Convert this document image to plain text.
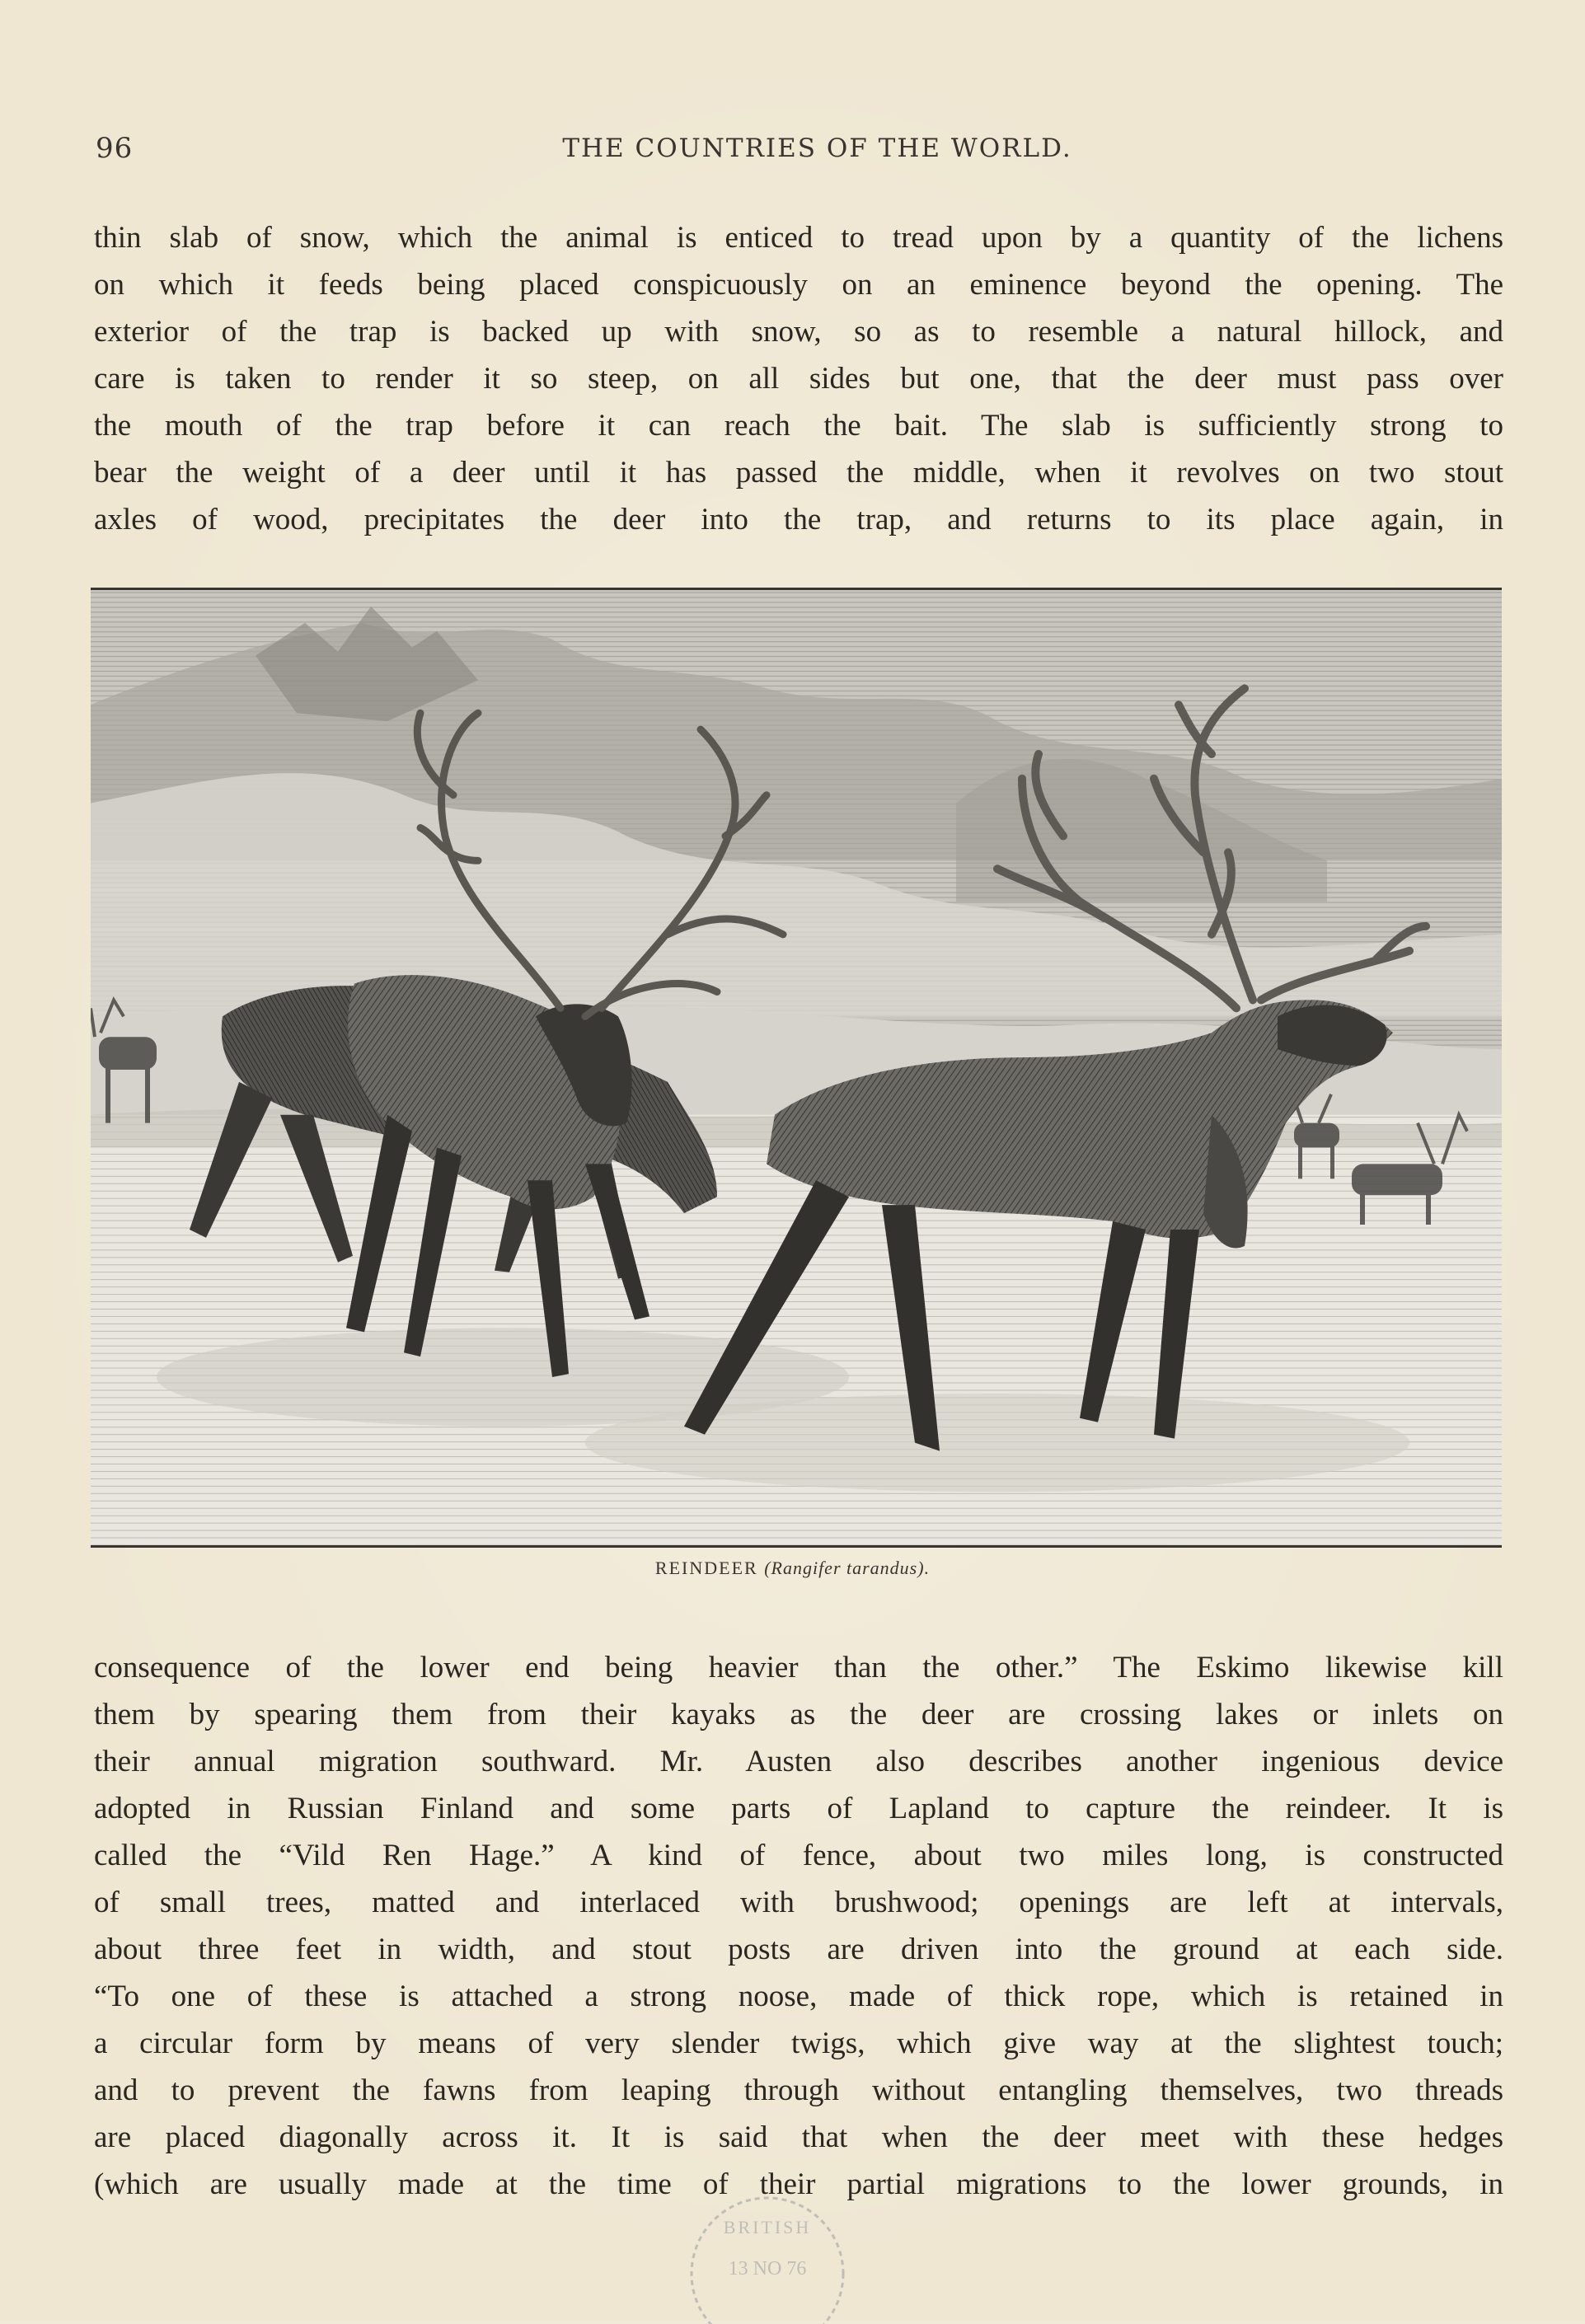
96	THE COUNTRIES OF THE WORLD.
thin slab of snow, which the animal is enticed to tread upon by a quantity of the lichens
on which it feeds being placed conspicuously on an eminence beyond the opening. The
exterior of the trap is backed up with snow, so as to resemble a natural hillock, and
care is taken to render it so steep, on all sides but one, that the deer must pass over
the mouth of the trap before it can reach the bait. The slab is sufficiently strong to
bear the weight of a deer until it has passed the middle, when it revolves on two stout
axles of wood, precipitates the deer into the trap, and returns to its place again, in
REINDEER (Rangifer tarandus).
consequence of the lower end being heavier than the other.” The Eskimo likewise kill
them by spearing them from their kayaks as the deer are crossing lakes or inlets on
their annual migration southward. Mr. Austen also describes another ingenious device
adopted in Russian Finland and some parts of Lapland to capture the reindeer. It is
called the “Vild Ren Hage.” A kind of fence, about two miles long, is constructed
of small trees, matted and interlaced with brushwood; openings are left at intervals,
about three feet in width, and stout posts are driven into the ground at each side.
“To one of these is attached a strong noose, made of thick rope, which is retained in
a circular form by means of very slender twigs, which give way at the slightest touch;
and to prevent the fawns from leaping through without entangling themselves, two threads
are placed diagonally across it. It is said that when the deer meet with these hedges
(which are usually made at the time of their partial migrations to the lower grounds, in
BRITISH
13 NO 76
